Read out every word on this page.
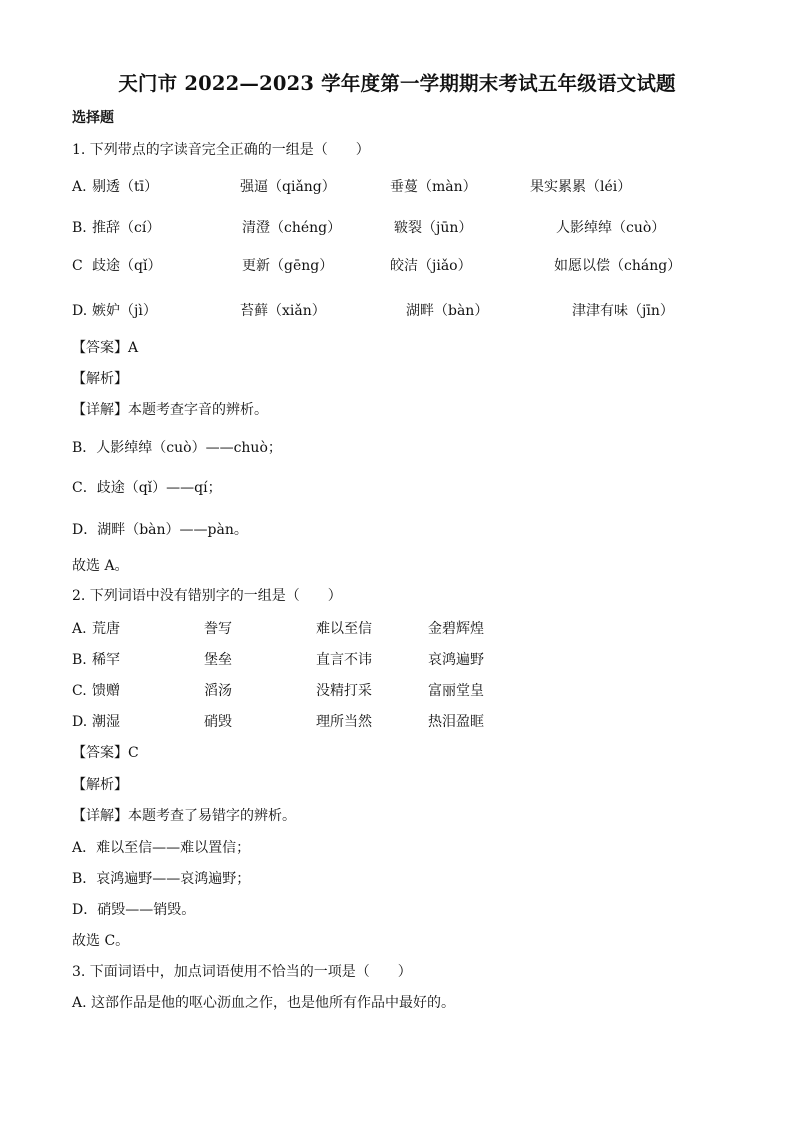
天门市 2022—2023 学年度第一学期期末考试五年级语文试题
选择题
1. 下列带点的字读音完全正确的一组是（　　）
A. 剔透（tī）	强逼（qiǎng）	垂蔓（màn）	果实累累（léi）
B. 推辞（cí）	清澄（chéng）	皲裂（jūn）	人影绰绰（cuò）
C 歧途（qǐ）	更新（gēng）	皎洁（jiǎo）	如愿以偿（cháng）
D. 嫉妒（jì）	苔藓（xiǎn）	湖畔（bàn）	津津有味（jīn）
【答案】A
【解析】
【详解】本题考查字音的辨析。
B．人影绰绰（cuò）——chuò；
C．歧途（qǐ）——qí；
D．湖畔（bàn）——pàn。
故选 A。
2. 下列词语中没有错别字的一组是（　　）
A. 荒唐	誊写	难以至信	金碧辉煌
B. 稀罕	堡垒	直言不讳	哀鸿遍野
C. 馈赠	滔汤	没精打采	富丽堂皇
D. 潮湿	硝毁	理所当然	热泪盈眶
【答案】C
【解析】
【详解】本题考查了易错字的辨析。
A．难以至信——难以置信；
B．哀鸿遍野——哀鸿遍野；
D．硝毁——销毁。
故选 C。
3. 下面词语中，加点词语使用不恰当的一项是（　　）
A. 这部作品是他的呕心沥血之作，也是他所有作品中最好的。
